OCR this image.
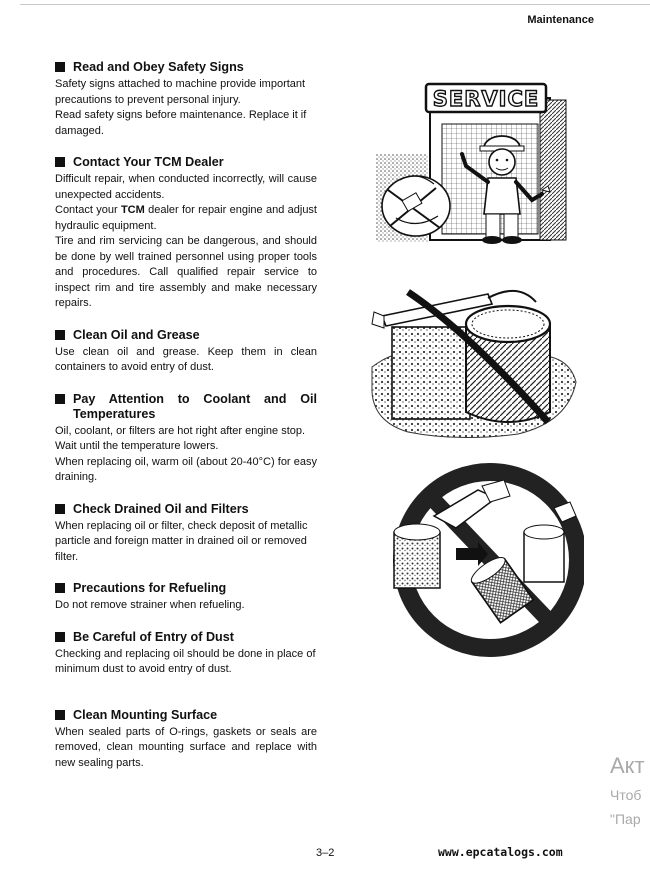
Maintenance
Read and Obey Safety Signs

Safety signs attached to machine provide important precautions to prevent personal injury.

Read safety signs before maintenance. Replace it if damaged.

Contact Your TCM Dealer

Difficult repair, when conducted incorrectly, will cause unexpected accidents.

Contact your TCM dealer for repair engine and adjust hydraulic equipment.

Tire and rim servicing can be dangerous, and should be done by well trained personnel using proper tools and procedures. Call qualified repair service to inspect rim and tire assembly and make necessary repairs.

Clean Oil and Grease

Use clean oil and grease. Keep them in clean containers to avoid entry of dust.

Pay Attention to Coolant and Oil Temperatures

Oil, coolant, or filters are hot right after engine stop. Wait until the temperature lowers.

When replacing oil, warm oil (about 20-40°C) for easy draining.

Check Drained Oil and Filters

When replacing oil or filter, check deposit of metallic particle and foreign matter in drained oil or removed filter.

Precautions for Refueling

Do not remove strainer when refueling.

Be Careful of Entry of Dust

Checking and replacing oil should be done in place of minimum dust to avoid entry of dust.

Clean Mounting Surface

When sealed parts of O-rings, gaskets or seals are removed, clean mounting surface and replace with new sealing parts.

SERVICE
3–2	www.epcatalogs.com
Акт
Чтоб
"Пар
